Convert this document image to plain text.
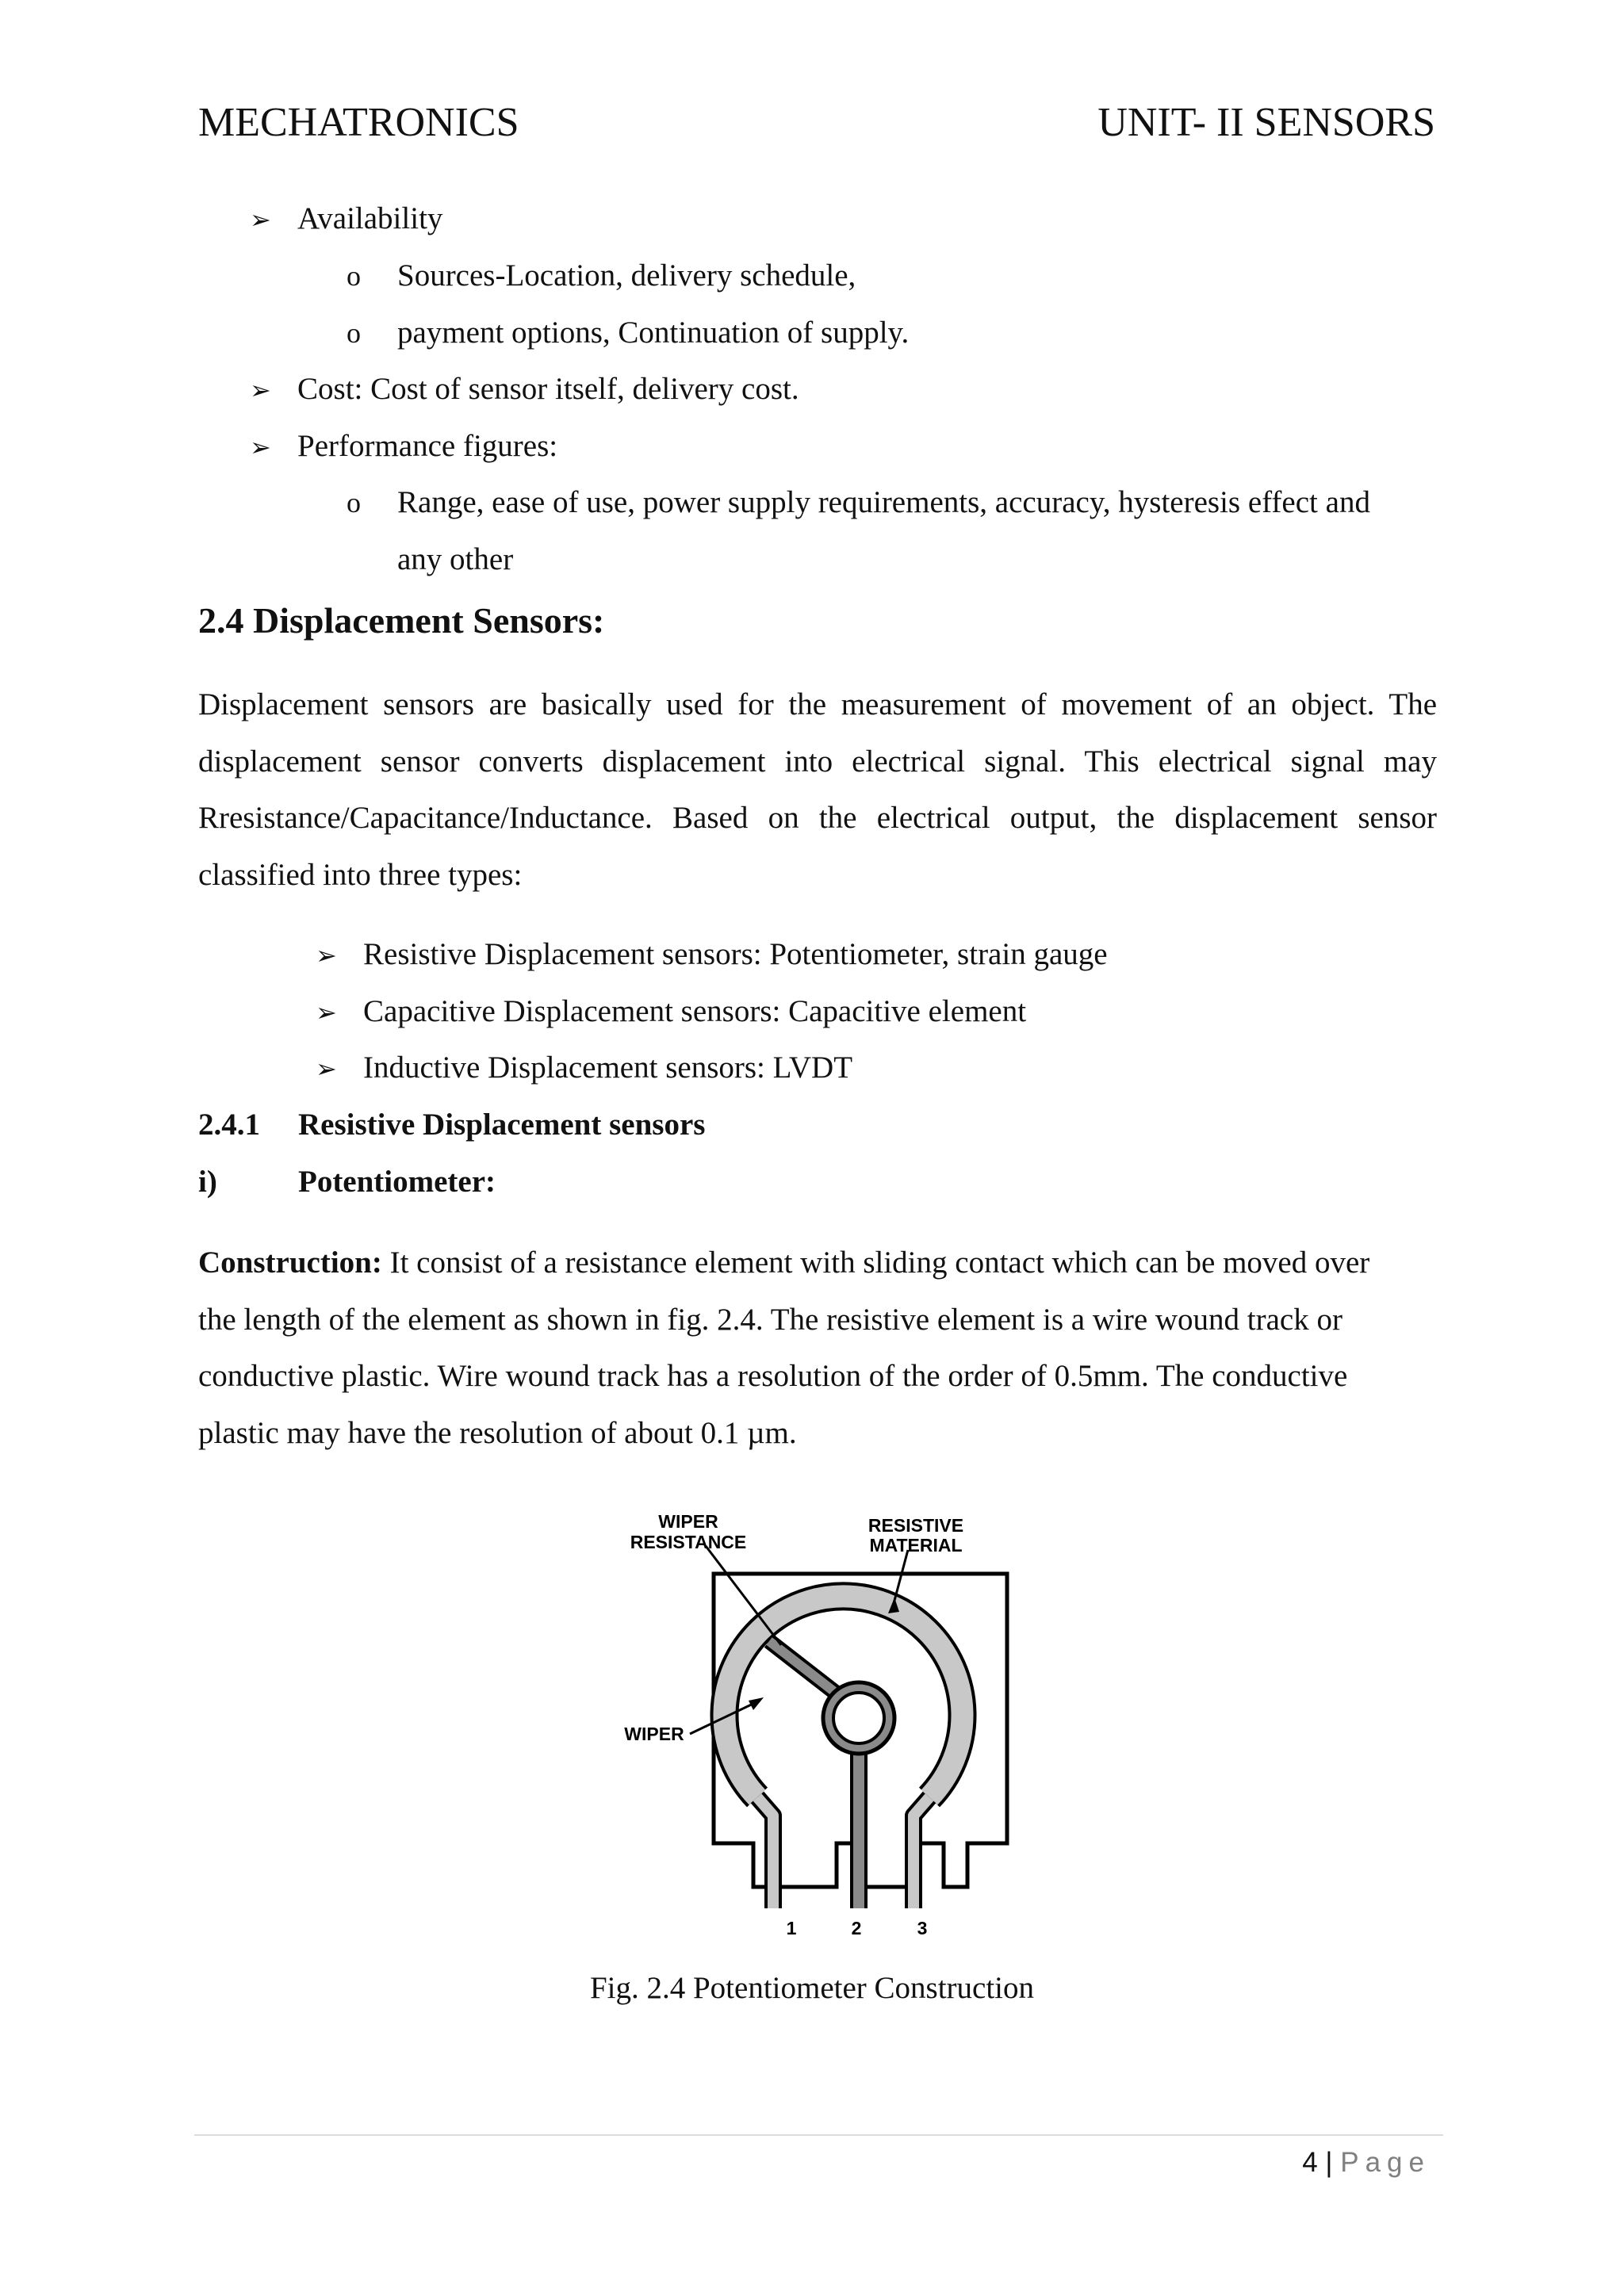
MECHATRONICS	UNIT- II SENSORS
➢ Availability
o Sources-Location, delivery schedule,
o payment options, Continuation of supply.
➢ Cost: Cost of sensor itself, delivery cost.
➢ Performance figures:
o Range, ease of use, power supply requirements, accuracy, hysteresis effect and
any other
2.4 Displacement Sensors:

Displacement sensors are basically used for the measurement of movement of an object. The displacement sensor converts displacement into electrical signal. This electrical signal may Rresistance/Capacitance/Inductance. Based on the electrical output, the displacement sensor classified into three types:

➢ Resistive Displacement sensors: Potentiometer, strain gauge
➢ Capacitive Displacement sensors: Capacitive element
➢ Inductive Displacement sensors: LVDT
2.4.1 Resistive Displacement sensors
i)	Potentiometer:

Construction: It consist of a resistance element with sliding contact which can be moved over the length of the element as shown in fig. 2.4. The resistive element is a wire wound track or conductive plastic. Wire wound track has a resolution of the order of 0.5mm. The conductive plastic may have the resolution of about 0.1 µm.

WIPER
RESISTANCE
RESISTIVE
MATERIAL
WIPER
1	2	3
Fig. 2.4 Potentiometer Construction
4 | Page
